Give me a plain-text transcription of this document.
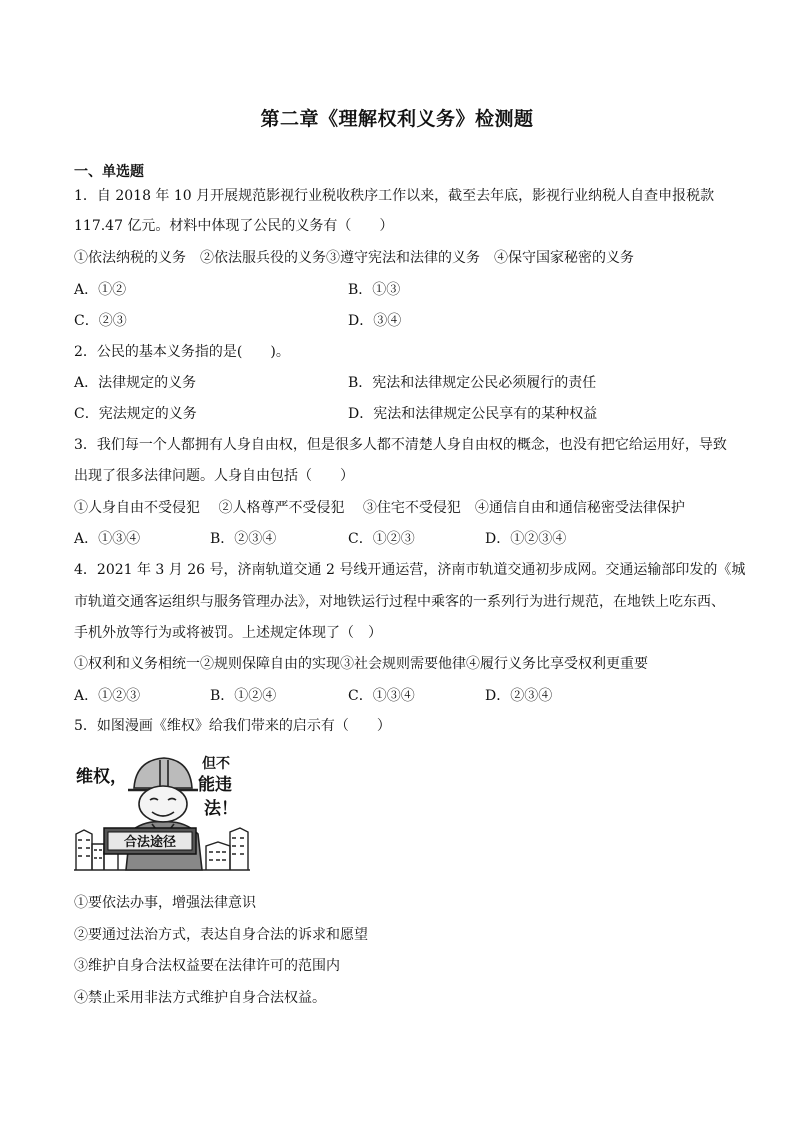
第二章《理解权利义务》检测题
一、单选题
1．自 2018 年 10 月开展规范影视行业税收秩序工作以来，截至去年底，影视行业纳税人自查申报税款
117.47 亿元。材料中体现了公民的义务有（　　）
①依法纳税的义务　②依法服兵役的义务③遵守宪法和法律的义务　④保守国家秘密的义务
A．①②	B．①③
C．②③	D．③④
2．公民的基本义务指的是(　　)。
A．法律规定的义务	B．宪法和法律规定公民必须履行的责任
C．宪法规定的义务	D．宪法和法律规定公民享有的某种权益
3．我们每一个人都拥有人身自由权，但是很多人都不清楚人身自由权的概念，也没有把它给运用好，导致
出现了很多法律问题。人身自由包括（　　）
①人身自由不受侵犯　 ②人格尊严不受侵犯　 ③住宅不受侵犯　④通信自由和通信秘密受法律保护
A．①③④	B．②③④	C．①②③	D．①②③④
4．2021 年 3 月 26 号，济南轨道交通 2 号线开通运营，济南市轨道交通初步成网。交通运输部印发的《城
市轨道交通客运组织与服务管理办法》，对地铁运行过程中乘客的一系列行为进行规范，在地铁上吃东西、
手机外放等行为或将被罚。上述规定体现了（　）
①权利和义务相统一②规则保障自由的实现③社会规则需要他律④履行义务比享受权利更重要
A．①②③	B．①②④	C．①③④	D．②③④
5．如图漫画《维权》给我们带来的启示有（　　）
合法途径
维权，
但不
能违
法！
①要依法办事，增强法律意识
②要通过法治方式，表达自身合法的诉求和愿望
③维护自身合法权益要在法律许可的范围内
④禁止采用非法方式维护自身合法权益。
